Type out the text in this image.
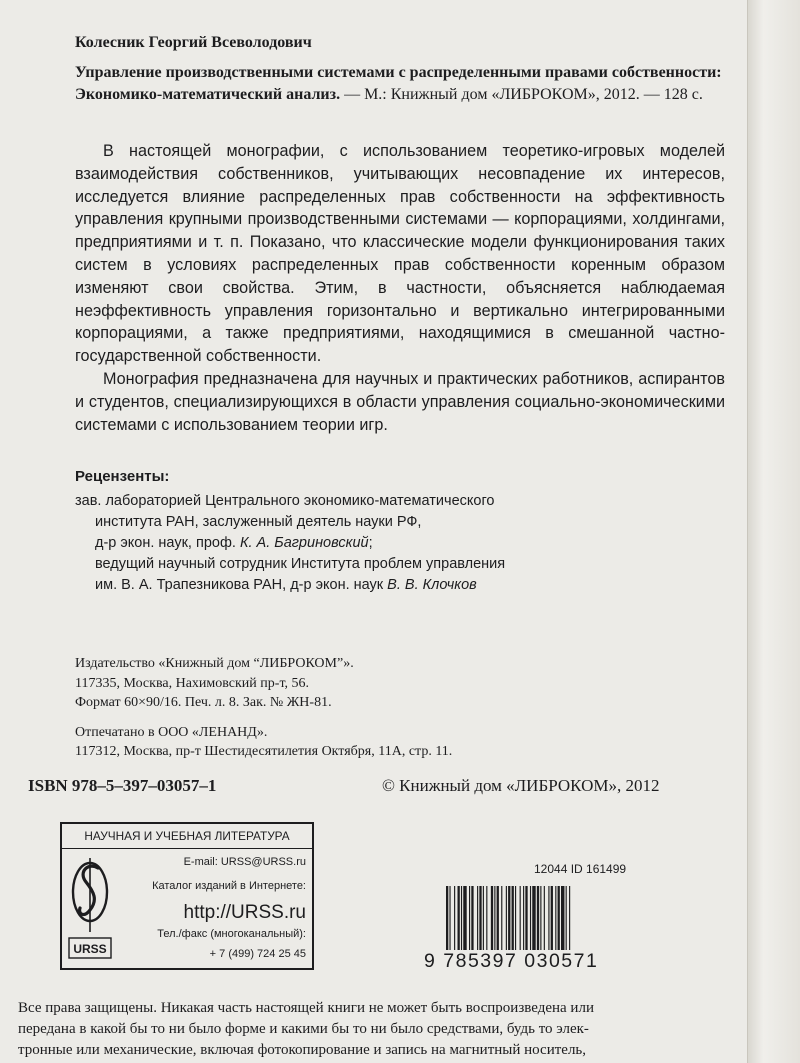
Колесник Георгий Всеволодович
Управление производственными системами с распределенными правами собственности: Экономико-математический анализ. — М.: Книжный дом «ЛИБРОКОМ», 2012. — 128 с.

В настоящей монографии, с использованием теоретико-игровых моделей взаимодействия собственников, учитывающих несовпадение их интересов, исследуется влияние распределенных прав собственности на эффективность управления крупными производственными системами — корпорациями, холдингами, предприятиями и т. п. Показано, что классические модели функционирования таких систем в условиях распределенных прав собственности коренным образом изменяют свои свойства. Этим, в частности, объясняется наблюдаемая неэффективность управления горизонтально и вертикально интегрированными корпорациями, а также предприятиями, находящимися в смешанной частно-государственной собственности.

Монография предназначена для научных и практических работников, аспирантов и студентов, специализирующихся в области управления социально-экономическими системами с использованием теории игр.

Рецензенты:
зав. лабораторией Центрального экономико-математического
института РАН, заслуженный деятель науки РФ,
д-р экон. наук, проф. К. А. Багриновский;
ведущий научный сотрудник Института проблем управления
им. В. А. Трапезникова РАН, д-р экон. наук В. В. Клочков
Издательство «Книжный дом “ЛИБРОКОМ”».
117335, Москва, Нахимовский пр-т, 56.
Формат 60×90/16. Печ. л. 8. Зак. № ЖН-81.
Отпечатано в ООО «ЛЕНАНД».
117312, Москва, пр-т Шестидесятилетия Октября, 11А, стр. 11.
ISBN 978–5–397–03057–1	© Книжный дом «ЛИБРОКОМ», 2012
НАУЧНАЯ И УЧЕБНАЯ ЛИТЕРАТУРА
URSS
E-mail: URSS@URSS.ru
Каталог изданий в Интернете:
http://URSS.ru
Тел./факс (многоканальный):
+ 7 (499) 724 25 45
12044 ID 161499
9 785397 030571
Все права защищены. Никакая часть настоящей книги не может быть воспроизведена или
передана в какой бы то ни было форме и какими бы то ни было средствами, будь то элек-
тронные или механические, включая фотокопирование и запись на магнитный носитель,
